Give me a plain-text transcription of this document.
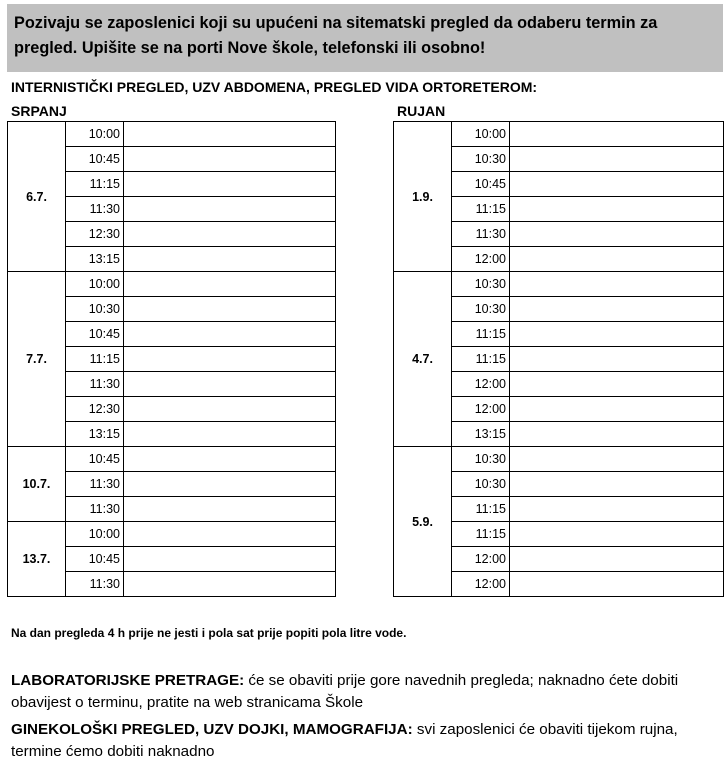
Pozivaju se zaposlenici koji su upućeni na sitematski pregled da odaberu termin za pregled. Upišite se na porti Nove škole, telefonski ili osobno!
INTERNISTIČKI PREGLED, UZV ABDOMENA, PREGLED VIDA ORTORETEROM:
SRPANJ	RUJAN
6.7.	10:00	
	10:45	
	11:15	
	11:30	
	12:30	
	13:15	
7.7.	10:00	
	10:30	
	10:45	
	11:15	
	11:30	
	12:30	
	13:15	
10.7.	10:45	
	11:30	
	11:30	
13.7.	10:00	
	10:45	
	11:30	
1.9.	10:00	
	10:30	
	10:45	
	11:15	
	11:30	
	12:00	
4.7.	10:30	
	10:30	
	11:15	
	11:15	
	12:00	
	12:00	
	13:15	
5.9.	10:30	
	10:30	
	11:15	
	11:15	
	12:00	
	12:00	
Na dan pregleda 4 h prije ne jesti i pola sat prije popiti pola litre vode.
LABORATORIJSKE PRETRAGE: će se obaviti prije gore navednih pregleda; naknadno ćete dobiti obavijest o terminu, pratite na web stranicama Škole
GINEKOLOŠKI PREGLED, UZV DOJKI, MAMOGRAFIJA: svi zaposlenici će obaviti tijekom rujna, termine ćemo dobiti naknadno
